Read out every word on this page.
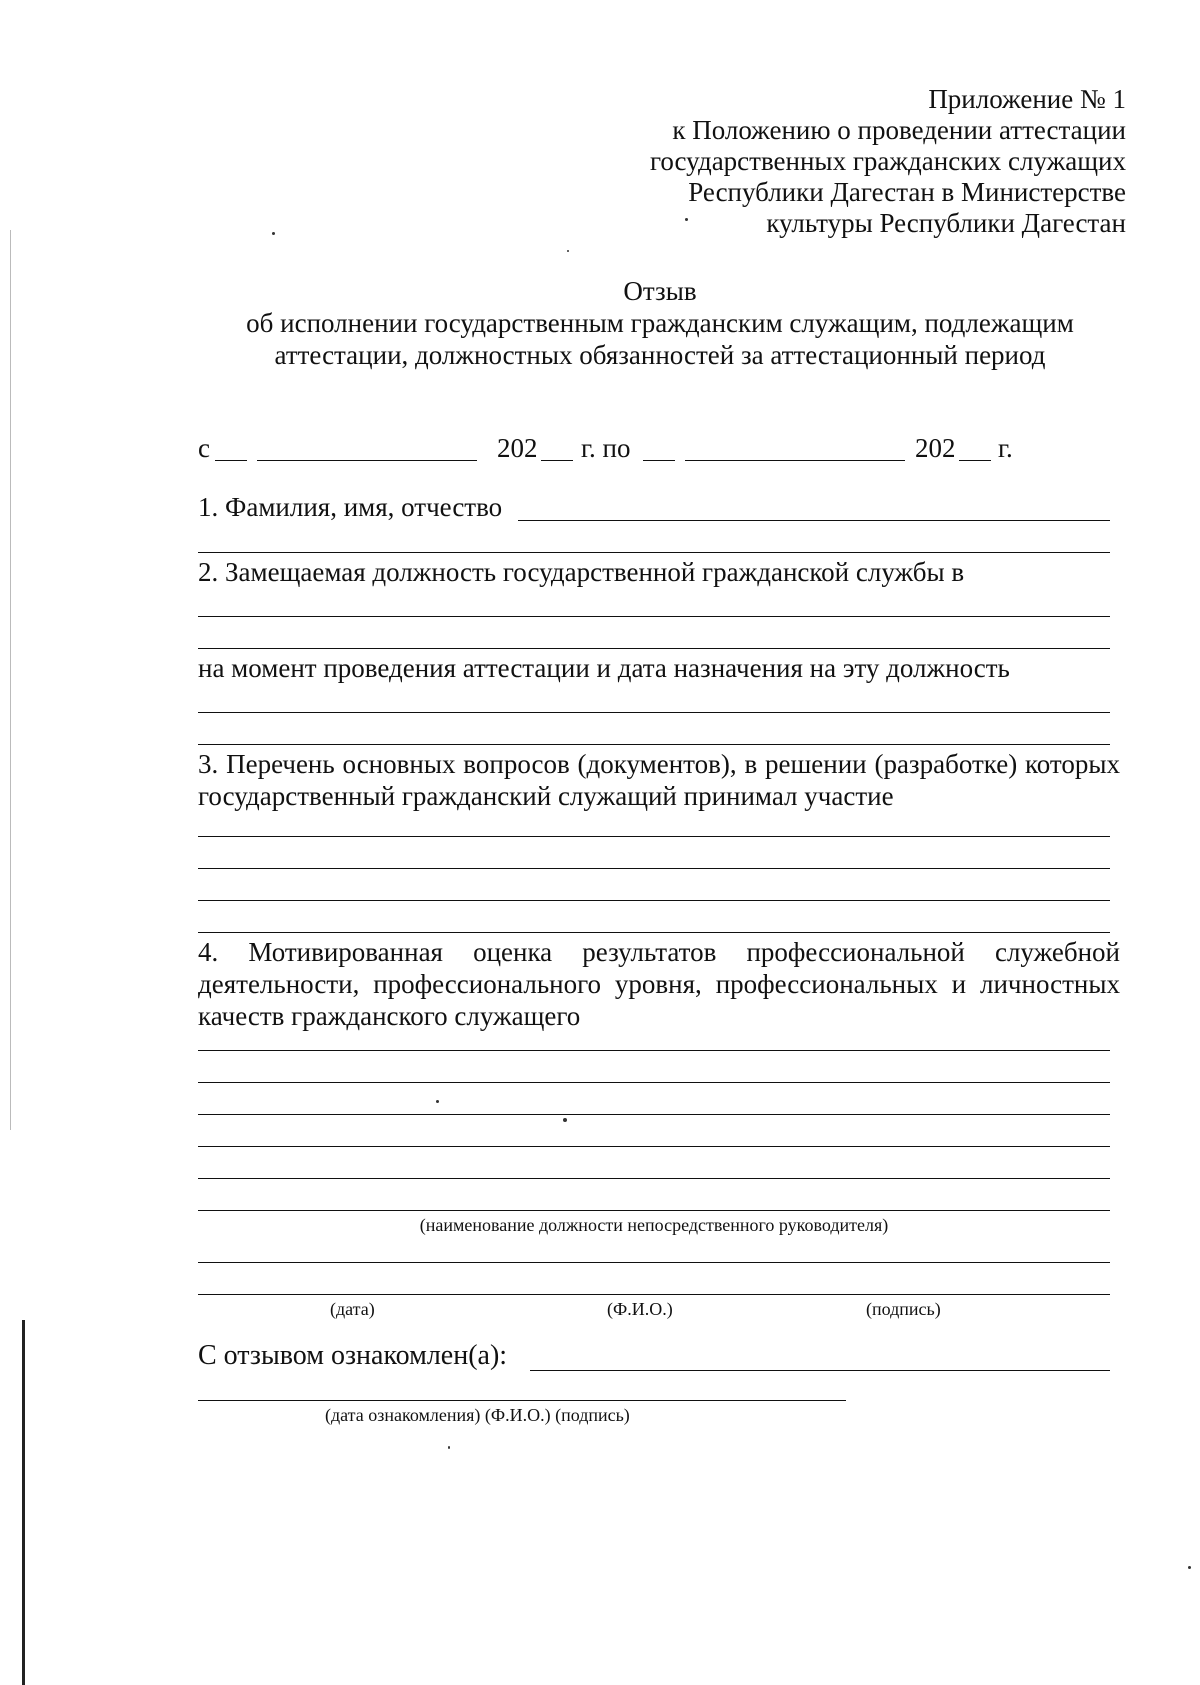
Приложение № 1
к Положению о проведении аттестации
государственных гражданских служащих
Республики Дагестан в Министерстве
культуры Республики Дагестан
Отзыв
об исполнении государственным гражданским служащим, подлежащим
аттестации, должностных обязанностей за аттестационный период
с	202 г. по	202 г.
1. Фамилия, имя, отчество
2. Замещаемая должность государственной гражданской службы в
на момент проведения аттестации и дата назначения на эту должность
3. Перечень основных вопросов (документов), в решении (разработке) которых государственный гражданский служащий принимал участие
4. Мотивированная оценка результатов профессиональной служебной деятельности, профессионального уровня, профессиональных и личностных качеств гражданского служащего
(наименование должности непосредственного руководителя)
(дата)	(Ф.И.О.)	(подпись)
С отзывом ознакомлен(а):
(дата ознакомления) (Ф.И.О.) (подпись)
